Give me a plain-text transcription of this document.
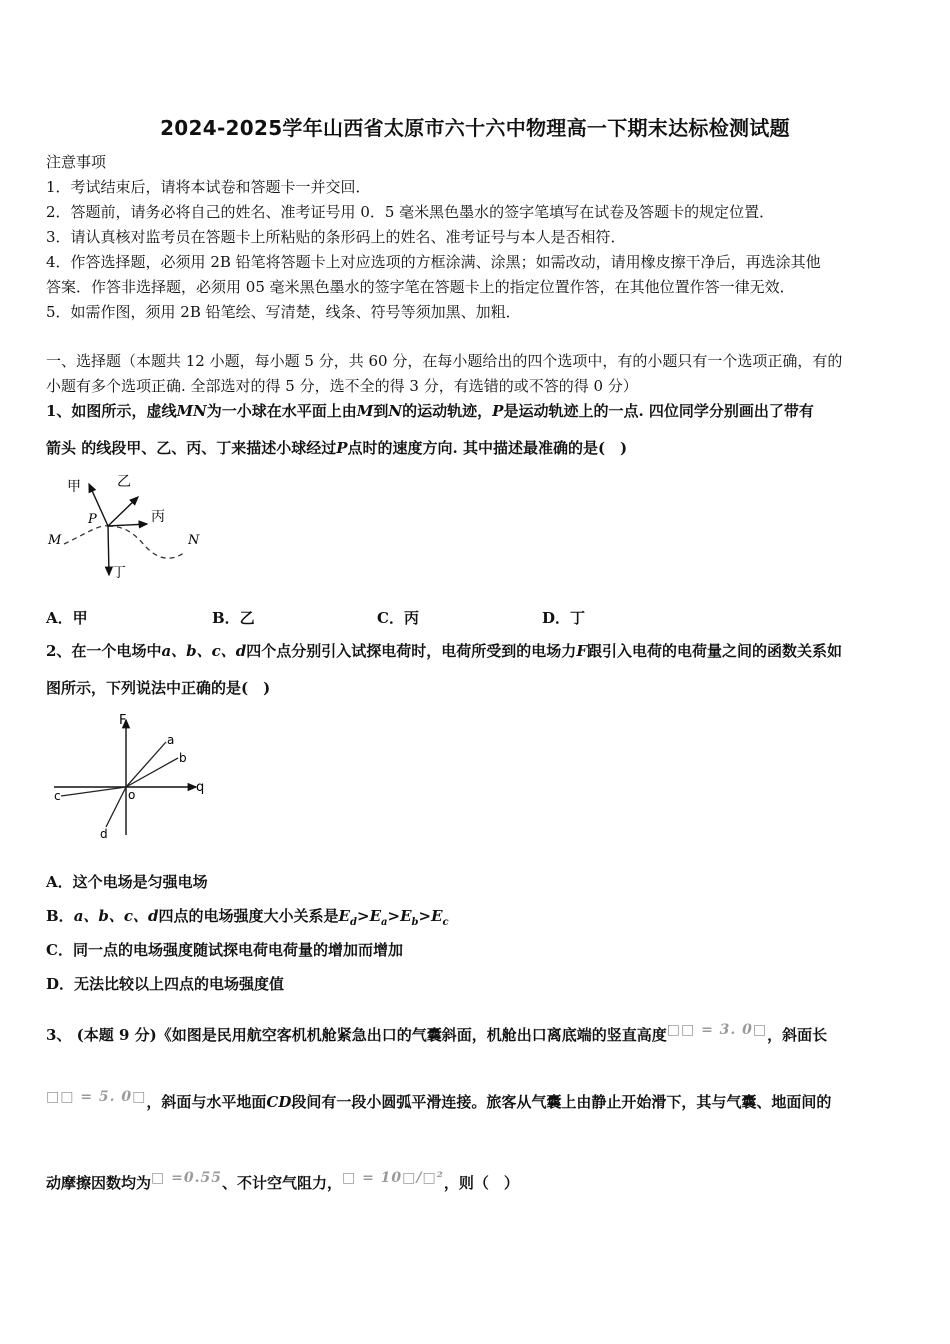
2024-2025学年山西省太原市六十六中物理高一下期末达标检测试题
注意事项
1．考试结束后，请将本试卷和答题卡一并交回．
2．答题前，请务必将自己的姓名、准考证号用 0．5 毫米黑色墨水的签字笔填写在试卷及答题卡的规定位置．
3．请认真核对监考员在答题卡上所粘贴的条形码上的姓名、准考证号与本人是否相符．
4．作答选择题，必须用 2B 铅笔将答题卡上对应选项的方框涂满、涂黑；如需改动，请用橡皮擦干净后，再选涂其他
答案．作答非选择题，必须用 05 毫米黑色墨水的签字笔在答题卡上的指定位置作答，在其他位置作答一律无效．
5．如需作图，须用 2B 铅笔绘、写清楚，线条、符号等须加黑、加粗．
一、选择题（本题共 12 小题，每小题 5 分，共 60 分，在每小题给出的四个选项中，有的小题只有一个选项正确，有的
小题有多个选项正确. 全部选对的得 5 分，选不全的得 3 分，有选错的或不答的得 0 分）
1、如图所示，虚线MN为一小球在水平面上由M到N的运动轨迹，P是运动轨迹上的一点. 四位同学分别画出了带有
箭头 的线段甲、乙、丙、丁来描述小球经过P点时的速度方向. 其中描述最准确的是(　)
甲	乙
丙
丁
P
M	N
A．甲	B．乙	C．丙	D．丁
2、在一个电场中a、b、c、d四个点分别引入试探电荷时，电荷所受到的电场力F跟引入电荷的电荷量之间的函数关系如
图所示，下列说法中正确的是(　)
F
q
o
a
b
c
d
A．这个电场是匀强电场
B．a、b、c、d四点的电场强度大小关系是$E_d>E_a>E_b>E_c$
C．同一点的电场强度随试探电荷电荷量的增加而增加
D．无法比较以上四点的电场强度值
3、 (本题 9 分)《如图是民用航空客机机舱紧急出口的气囊斜面，机舱出口离底端的竖直高度□□ = 3. 0□，斜面长
□□ = 5. 0□，斜面与水平地面CD段间有一段小圆弧平滑连接。旅客从气囊上由静止开始滑下，其与气囊、地面间的
动摩擦因数均为□ =0.55、不计空气阻力，□ = 10□/□²，则（　）
